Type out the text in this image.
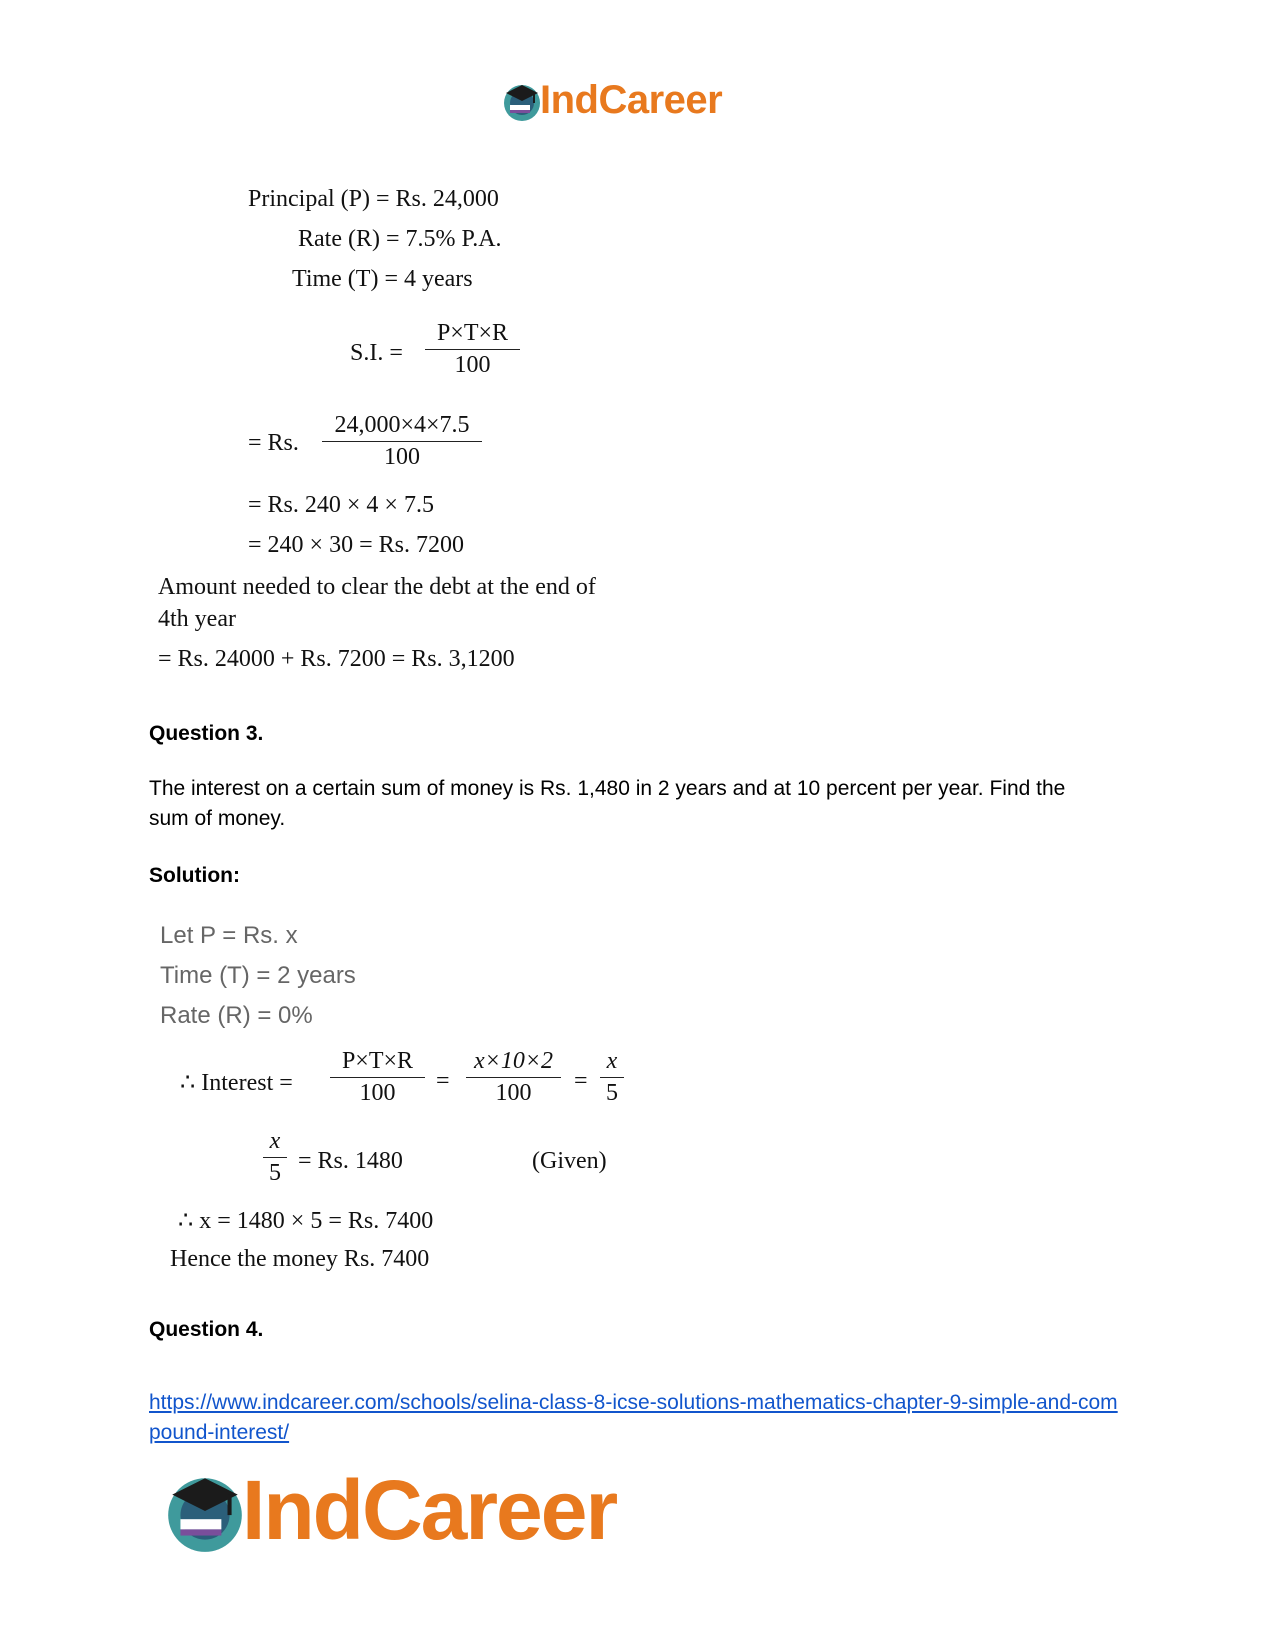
IndCareer
Principal (P) = Rs. 24,000
Rate (R) = 7.5% P.A.
Time (T) = 4 years
S.I. = $\frac{P\times T\times R}{100}$
= Rs. $\frac{24,000\times 4\times 7.5}{100}$
= Rs. 240 × 4 × 7.5
= 240 × 30 = Rs. 7200
Amount needed to clear the debt at the end of
4th year
= Rs. 24000 + Rs. 7200 = Rs. 3,1200
Question 3.
The interest on a certain sum of money is Rs. 1,480 in 2 years and at 10 percent per year. Find the sum of money.
Solution:
Let P = Rs. x
Time (T) = 2 years
Rate (R) = 0%
∴ Interest = $\frac{P\times T\times R}{100} = \frac{x\times 10\times 2}{100} = \frac{x}{5}$
$\frac{x}{5} = Rs$. 1480	(Given)
∴ x = 1480 × 5 = Rs. 7400
Hence the money Rs. 7400
Question 4.
https://www.indcareer.com/schools/selina-class-8-icse-solutions-mathematics-chapter-9-simple-and-compound-interest/
IndCareer
